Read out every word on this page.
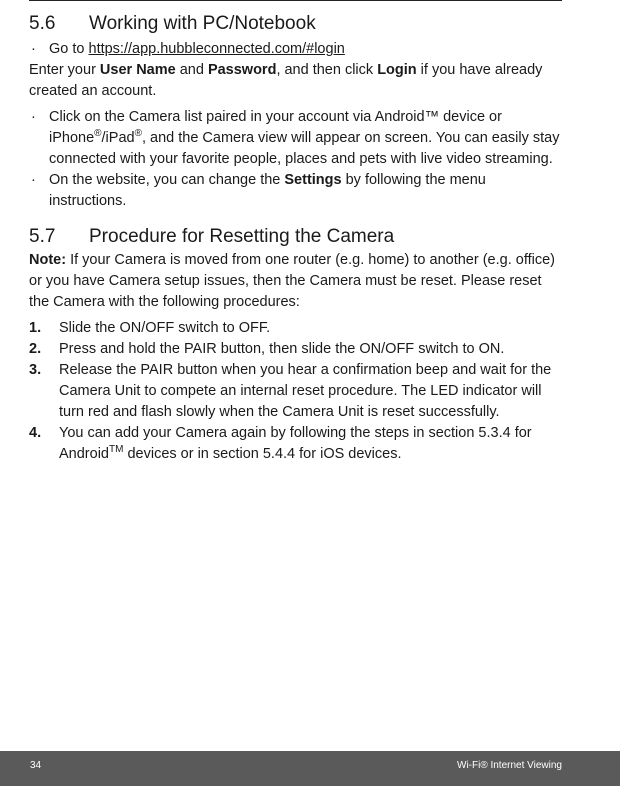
5.6	Working with PC/Notebook
· Go to https://app.hubbleconnected.com/#login

Enter your User Name and Password, and then click Login if you have already created an account.

· Click on the Camera list paired in your account via Android™ device or iPhone®/iPad®, and the Camera view will appear on screen. You can easily stay connected with your favorite people, places and pets with live video streaming.
· On the website, you can change the Settings by following the menu instructions.
5.7	Procedure for Resetting the Camera

Note: If your Camera is moved from one router (e.g. home) to another (e.g. office) or you have Camera setup issues, then the Camera must be reset. Please reset the Camera with the following procedures:

1.	Slide the ON/OFF switch to OFF.
2.	Press and hold the PAIR button, then slide the ON/OFF switch to ON.
3.	Release the PAIR button when you hear a confirmation beep and wait for the Camera Unit to compete an internal reset procedure. The LED indicator will turn red and flash slowly when the Camera Unit is reset successfully.
4.	You can add your Camera again by following the steps in section 5.3.4 for Android™ devices or in section 5.4.4 for iOS devices.
34	Wi-Fi® Internet Viewing
